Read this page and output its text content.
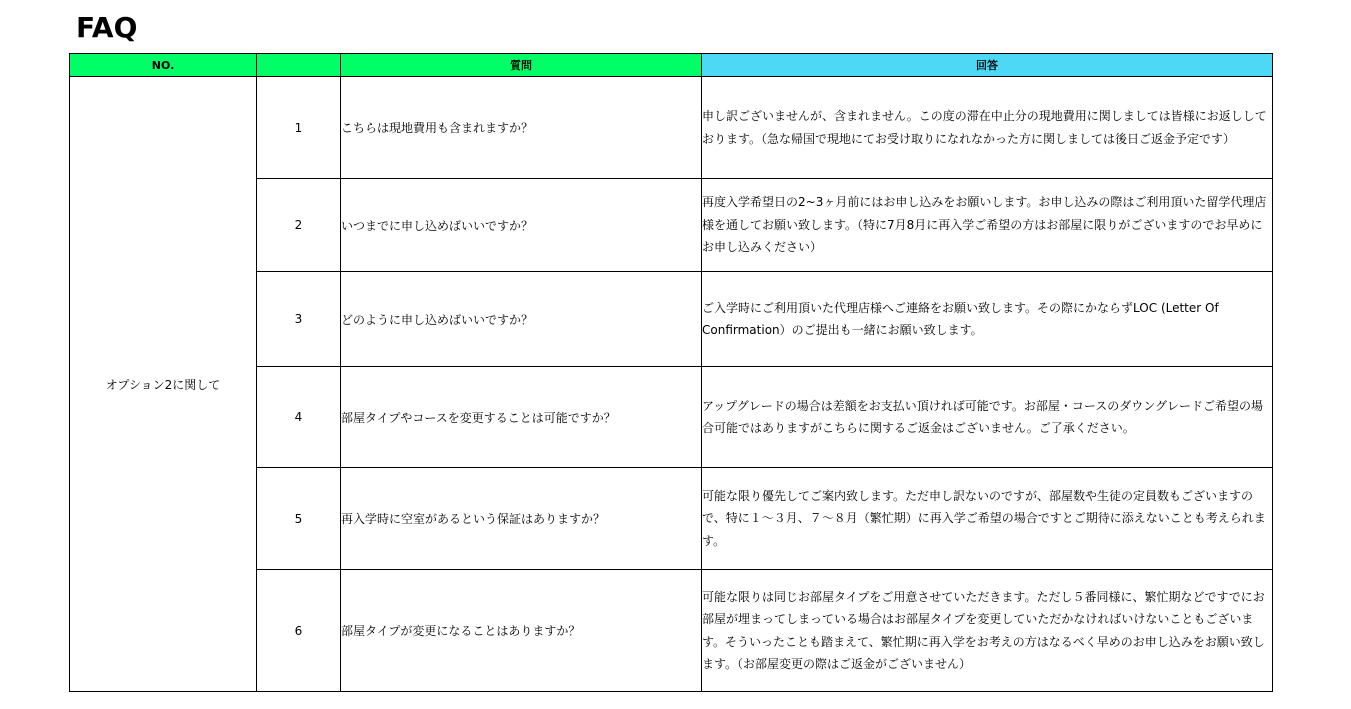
FAQ
NO.		質問	回答
オプション2に関して	1	こちらは現地費用も含まれますか？	申し訳ございませんが、含まれません。この度の滞在中止分の現地費用に関しましては皆様にお返ししております。（急な帰国で現地にてお受け取りになれなかった方に関しましては後日ご返金予定です）
	2	いつまでに申し込めばいいですか？	再度入学希望日の2~3ヶ月前にはお申し込みをお願いします。お申し込みの際はご利用頂いた留学代理店様を通してお願い致します。（特に7月8月に再入学ご希望の方はお部屋に限りがございますのでお早めにお申し込みください）
	3	どのように申し込めばいいですか？	ご入学時にご利用頂いた代理店様へご連絡をお願い致します。その際にかならずLOC (Letter Of Confirmation）のご提出も一緒にお願い致します。
	4	部屋タイプやコースを変更することは可能ですか？	アップグレードの場合は差額をお支払い頂ければ可能です。お部屋・コースのダウングレードご希望の場合可能ではありますがこちらに関するご返金はございません。ご了承ください。
	5	再入学時に空室があるという保証はありますか？	可能な限り優先してご案内致します。ただ申し訳ないのですが、部屋数や生徒の定員数もございますので、特に１～３月、７～８月（繁忙期）に再入学ご希望の場合ですとご期待に添えないことも考えられます。
	6	部屋タイプが変更になることはありますか？	可能な限りは同じお部屋タイプをご用意させていただきます。ただし５番同様に、繁忙期などですでにお部屋が埋まってしまっている場合はお部屋タイプを変更していただかなければいけないこともございます。そういったことも踏まえて、繁忙期に再入学をお考えの方はなるべく早めのお申し込みをお願い致します。（お部屋変更の際はご返金がございません）
